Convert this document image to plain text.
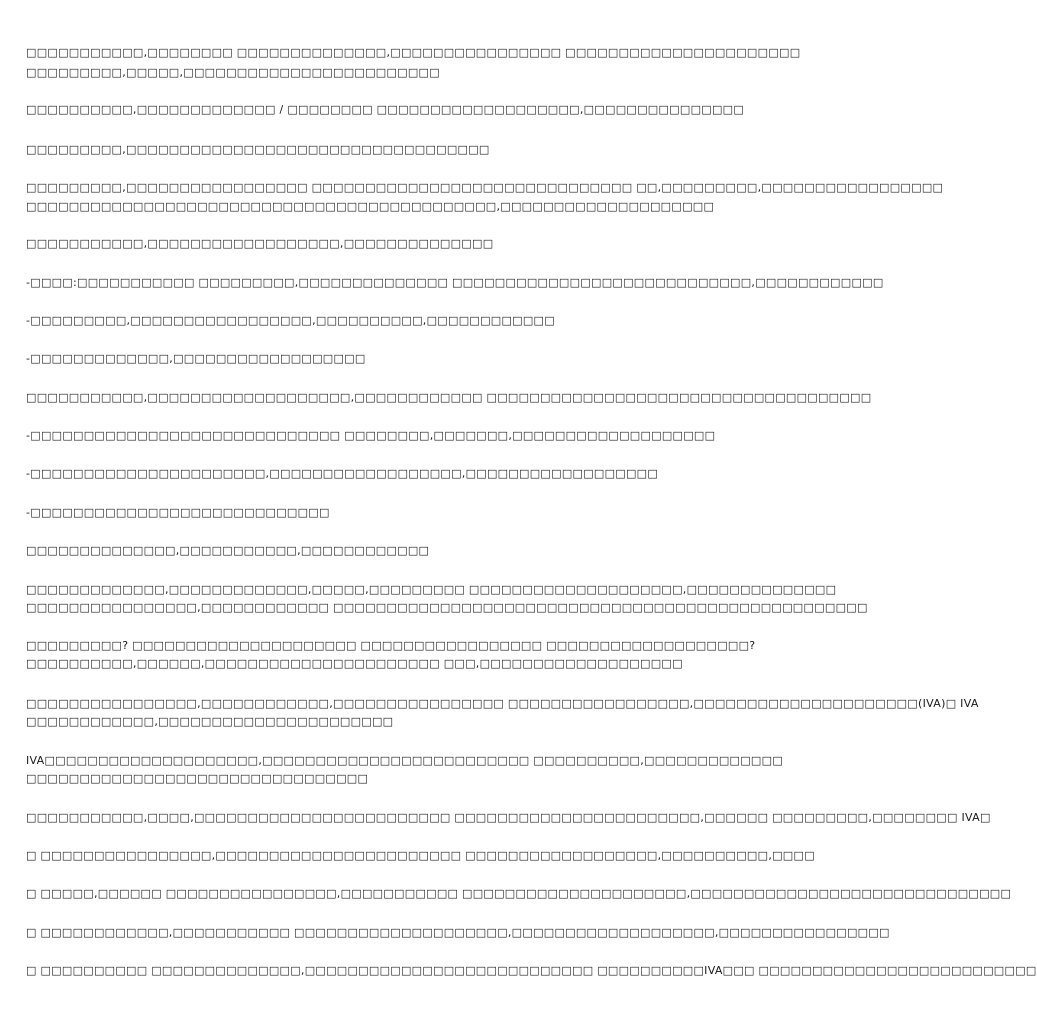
□□□□□□□□□□□,□□□□□□□□ □□□□□□□□□□□□□□,□□□□□□□□□□□□□□□□ □□□□□□□□□□□□□□□□□□□□□□
□□□□□□□□□,□□□□□,□□□□□□□□□□□□□□□□□□□□□□□□
□□□□□□□□□□,□□□□□□□□□□□□□ / □□□□□□□□ □□□□□□□□□□□□□□□□□□□,□□□□□□□□□□□□□□□
□□□□□□□□□,□□□□□□□□□□□□□□□□□□□□□□□□□□□□□□□□□□
□□□□□□□□□,□□□□□□□□□□□□□□□□□ □□□□□□□□□□□□□□□□□□□□□□□□□□□□□□ □□,□□□□□□□□□,□□□□□□□□□□□□□□□□□
□□□□□□□□□□□□□□□□□□□□□□□□□□□□□□□□□□□□□□□□□□□□,□□□□□□□□□□□□□□□□□□□□
□□□□□□□□□□□,□□□□□□□□□□□□□□□□□□,□□□□□□□□□□□□□□
-□□□□:□□□□□□□□□□□ □□□□□□□□□,□□□□□□□□□□□□□□ □□□□□□□□□□□□□□□□□□□□□□□□□□□□,□□□□□□□□□□□□
-□□□□□□□□□,□□□□□□□□□□□□□□□□□,□□□□□□□□□□,□□□□□□□□□□□□
-□□□□□□□□□□□□□,□□□□□□□□□□□□□□□□□□
□□□□□□□□□□□,□□□□□□□□□□□□□□□□□□□,□□□□□□□□□□□□ □□□□□□□□□□□□□□□□□□□□□□□□□□□□□□□□□□□□
-□□□□□□□□□□□□□□□□□□□□□□□□□□□□□ □□□□□□□□,□□□□□□□,□□□□□□□□□□□□□□□□□□□
-□□□□□□□□□□□□□□□□□□□□□□,□□□□□□□□□□□□□□□□□□,□□□□□□□□□□□□□□□□□□
-□□□□□□□□□□□□□□□□□□□□□□□□□□□□
□□□□□□□□□□□□□□,□□□□□□□□□□□,□□□□□□□□□□□□
□□□□□□□□□□□□□,□□□□□□□□□□□□□,□□□□□,□□□□□□□□□ □□□□□□□□□□□□□□□□□□□□,□□□□□□□□□□□□□□
□□□□□□□□□□□□□□□□,□□□□□□□□□□□□ □□□□□□□□□□□□□□□□□□□□□□□□□□□□□□□□□□□□□□□□□□□□□□□□□□
□□□□□□□□□? □□□□□□□□□□□□□□□□□□□□□ □□□□□□□□□□□□□□□□□ □□□□□□□□□□□□□□□□□□□?
□□□□□□□□□□,□□□□□□,□□□□□□□□□□□□□□□□□□□□□□ □□□,□□□□□□□□□□□□□□□□□□□
□□□□□□□□□□□□□□□□,□□□□□□□□□□□□,□□□□□□□□□□□□□□□□ □□□□□□□□□□□□□□□□□,□□□□□□□□□□□□□□□□□□□□□(IVA)□ IVA
□□□□□□□□□□□□,□□□□□□□□□□□□□□□□□□□□□□
IVA□□□□□□□□□□□□□□□□□□□□,□□□□□□□□□□□□□□□□□□□□□□□□□ □□□□□□□□□□,□□□□□□□□□□□□□
□□□□□□□□□□□□□□□□□□□□□□□□□□□□□□□□
□□□□□□□□□□□,□□□□,□□□□□□□□□□□□□□□□□□□□□□□□ □□□□□□□□□□□□□□□□□□□□□□□,□□□□□□ □□□□□□□□□,□□□□□□□□ IVA□
□ □□□□□□□□□□□□□□□□,□□□□□□□□□□□□□□□□□□□□□□□ □□□□□□□□□□□□□□□□□□,□□□□□□□□□□,□□□□
□ □□□□□,□□□□□□ □□□□□□□□□□□□□□□□,□□□□□□□□□□□ □□□□□□□□□□□□□□□□□□□□□,□□□□□□□□□□□□□□□□□□□□□□□□□□□□□□
□ □□□□□□□□□□□□,□□□□□□□□□□□ □□□□□□□□□□□□□□□□□□□□,□□□□□□□□□□□□□□□□□□□,□□□□□□□□□□□□□□□□
□ □□□□□□□□□□ □□□□□□□□□□□□□□,□□□□□□□□□□□□□□□□□□□□□□□□□□□ □□□□□□□□□□IVA□□□ □□□□□□□□□□□□□□□□□□□□□□□□□□
